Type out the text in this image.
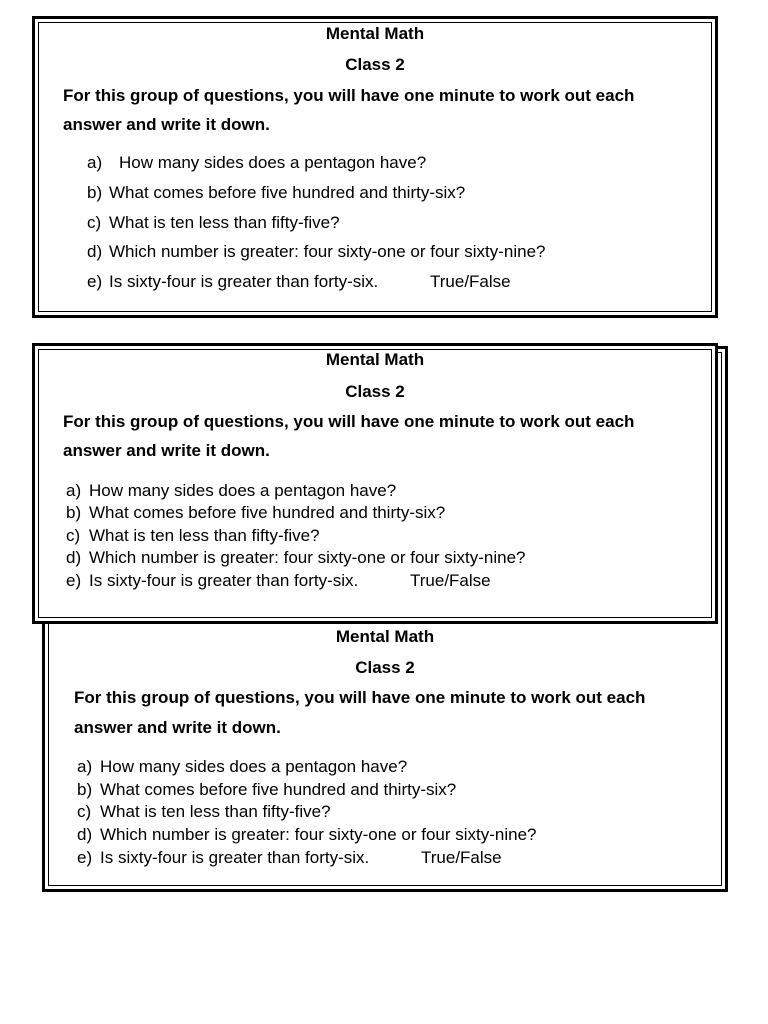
Mental Math
Class 2
For this group of questions, you will have one minute to work out each
answer and write it down.
a) How many sides does a pentagon have?
b) What comes before five hundred and thirty-six?
c) What is ten less than fifty-five?
d) Which number is greater: four sixty-one or four sixty-nine?
e) Is sixty-four is greater than forty-six.	True/False
Mental Math
Class 2
For this group of questions, you will have one minute to work out each
answer and write it down.
a) How many sides does a pentagon have?
b) What comes before five hundred and thirty-six?
c) What is ten less than fifty-five?
d) Which number is greater: four sixty-one or four sixty-nine?
e) Is sixty-four is greater than forty-six.	True/False
Mental Math
Class 2
For this group of questions, you will have one minute to work out each
answer and write it down.
a) How many sides does a pentagon have?
b) What comes before five hundred and thirty-six?
c) What is ten less than fifty-five?
d) Which number is greater: four sixty-one or four sixty-nine?
e) Is sixty-four is greater than forty-six.	True/False
